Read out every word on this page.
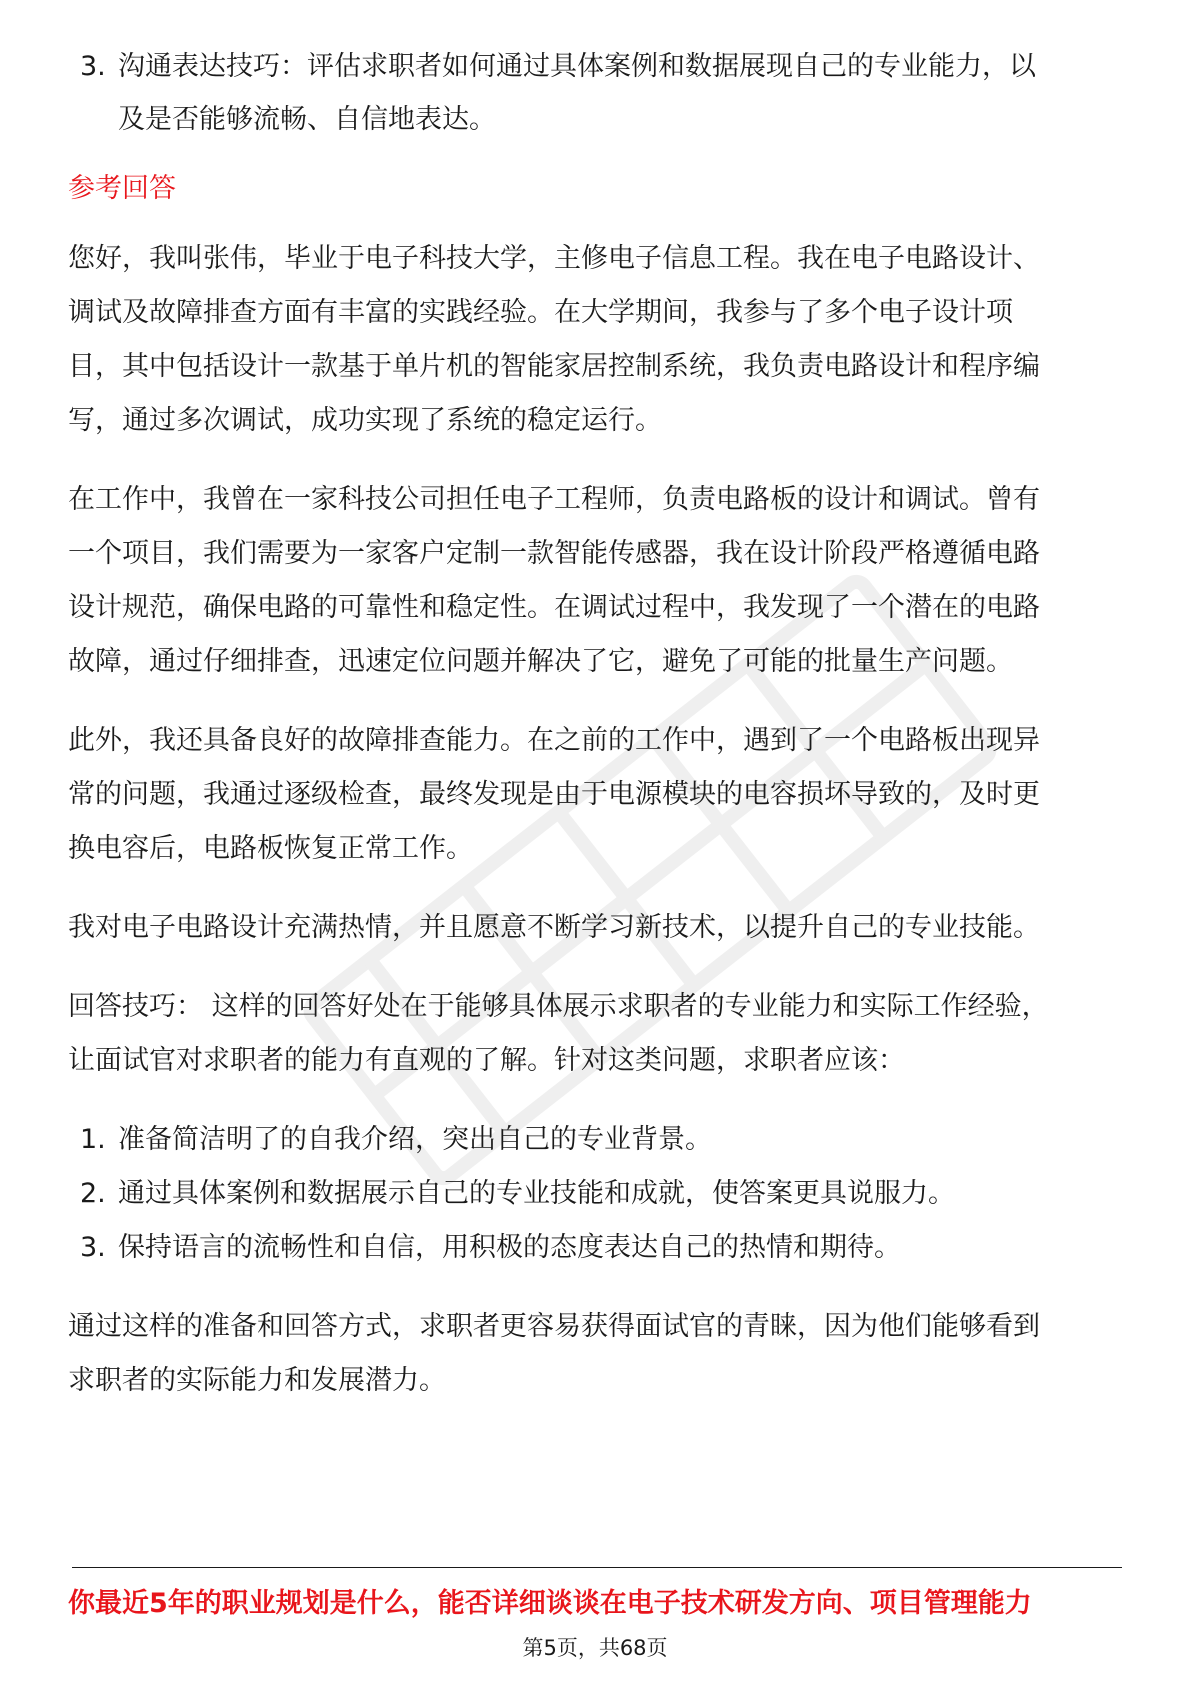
3. 沟通表达技巧：评估求职者如何通过具体案例和数据展现自己的专业能力，以
及是否能够流畅、自信地表达。
参考回答
您好，我叫张伟，毕业于电子科技大学，主修电子信息工程。我在电子电路设计、
调试及故障排查方面有丰富的实践经验。在大学期间，我参与了多个电子设计项
目，其中包括设计一款基于单片机的智能家居控制系统，我负责电路设计和程序编
写，通过多次调试，成功实现了系统的稳定运行。
在工作中，我曾在一家科技公司担任电子工程师，负责电路板的设计和调试。曾有
一个项目，我们需要为一家客户定制一款智能传感器，我在设计阶段严格遵循电路
设计规范，确保电路的可靠性和稳定性。在调试过程中，我发现了一个潜在的电路
故障，通过仔细排查，迅速定位问题并解决了它，避免了可能的批量生产问题。
此外，我还具备良好的故障排查能力。在之前的工作中，遇到了一个电路板出现异
常的问题，我通过逐级检查，最终发现是由于电源模块的电容损坏导致的，及时更
换电容后，电路板恢复正常工作。
我对电子电路设计充满热情，并且愿意不断学习新技术，以提升自己的专业技能。
回答技巧： 这样的回答好处在于能够具体展示求职者的专业能力和实际工作经验，
让面试官对求职者的能力有直观的了解。针对这类问题，求职者应该：
1. 准备简洁明了的自我介绍，突出自己的专业背景。
2. 通过具体案例和数据展示自己的专业技能和成就，使答案更具说服力。
3. 保持语言的流畅性和自信，用积极的态度表达自己的热情和期待。
通过这样的准备和回答方式，求职者更容易获得面试官的青睐，因为他们能够看到
求职者的实际能力和发展潜力。
你最近5年的职业规划是什么，能否详细谈谈在电子技术研发方向、项目管理能力
第5页，共68页
